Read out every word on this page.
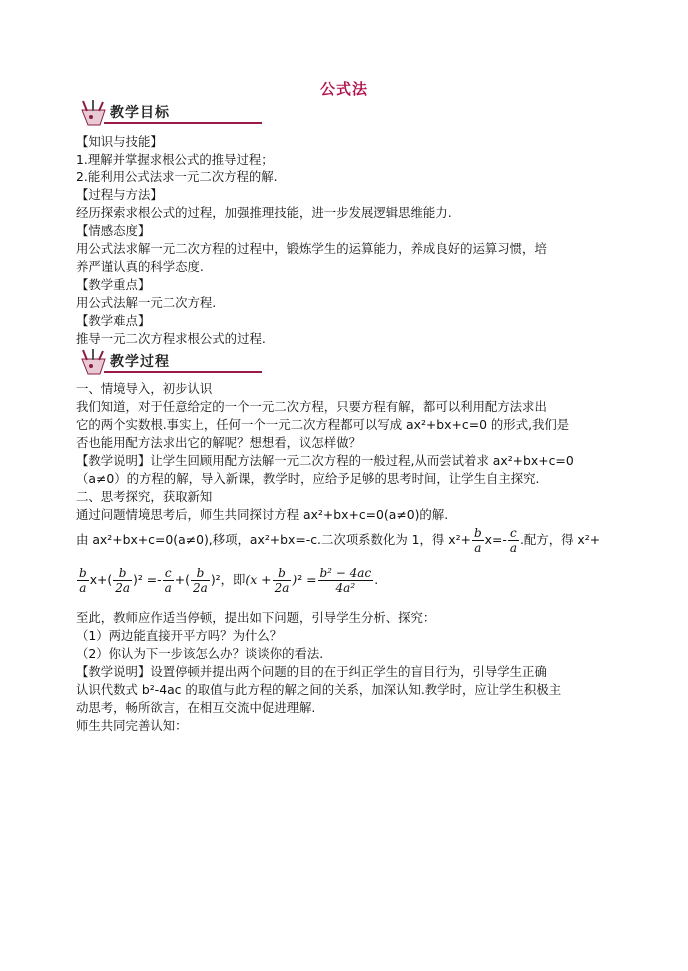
公式法
教学目标
【知识与技能】
1.理解并掌握求根公式的推导过程；
2.能利用公式法求一元二次方程的解.
【过程与方法】
经历探索求根公式的过程，加强推理技能，进一步发展逻辑思维能力.
【情感态度】
用公式法求解一元二次方程的过程中，锻炼学生的运算能力，养成良好的运算习惯，培
养严谨认真的科学态度.
【教学重点】
用公式法解一元二次方程.
【教学难点】
推导一元二次方程求根公式的过程.
教学过程
一、情境导入，初步认识
我们知道，对于任意给定的一个一元二次方程，只要方程有解，都可以利用配方法求出
它的两个实数根.事实上，任何一个一元二次方程都可以写成 ax²+bx+c=0 的形式,我们是
否也能用配方法求出它的解呢？想想看，议怎样做？
【教学说明】让学生回顾用配方法解一元二次方程的一般过程,从而尝试着求 ax²+bx+c=0
（a≠0）的方程的解，导入新课，教学时，应给予足够的思考时间，让学生自主探究.
二、思考探究，获取新知
通过问题情境思考后，师生共同探讨方程 ax²+bx+c=0(a≠0)的解.
由 ax²+bx+c=0(a≠0),移项，ax²+bx=-c.二次项系数化为 1，得 $x^2+ \frac{b}{a} x=- \frac{c}{a}$ .配方，得 x²+
$\frac{b}{a} x+( \frac{b}{2a} )^2 =- \frac{c}{a}$ +( $\frac{b}{2a} )^2$，即$(x + \frac{b}{2a} )^2 = \frac{\text{b² − 4ac}}{\text{4a²}}$ .
至此，教师应作适当停顿，提出如下问题，引导学生分析、探究：
（1）两边能直接开平方吗？为什么？
（2）你认为下一步该怎么办？谈谈你的看法.
【教学说明】设置停顿并提出两个问题的目的在于纠正学生的盲目行为，引导学生正确
认识代数式 b²-4ac 的取值与此方程的解之间的关系，加深认知.教学时，应让学生积极主
动思考，畅所欲言，在相互交流中促进理解.
师生共同完善认知：
